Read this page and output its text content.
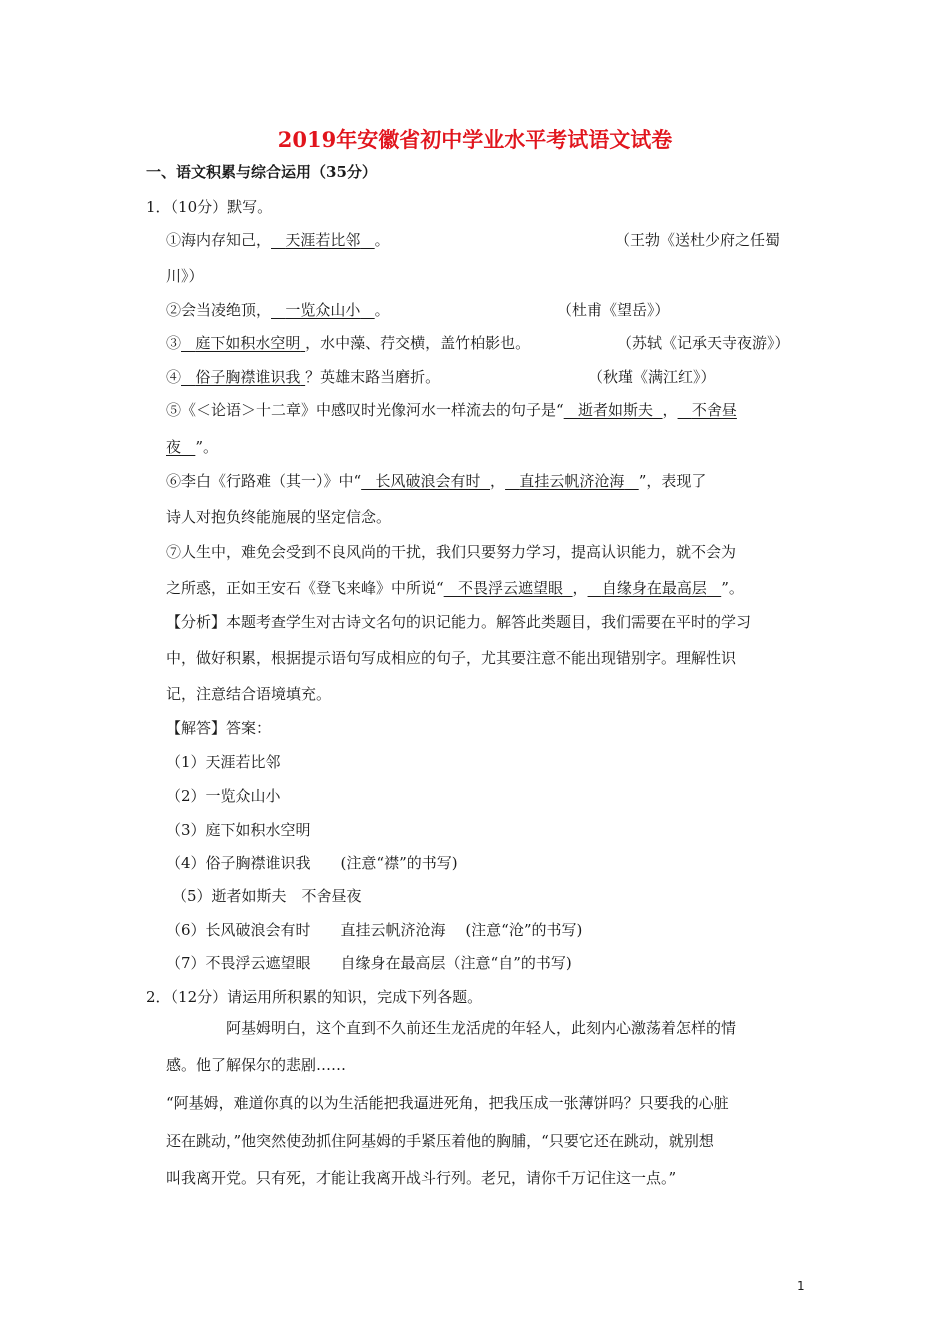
2019年安徽省初中学业水平考试语文试卷
一、语文积累与综合运用（35分）
1．（10分）默写。
①海内存知己， 天涯若比邻 。	（王勃《送杜少府之任蜀
川》）
②会当凌绝顶， 一览众山小 。	（杜甫《望岳》）
③ 庭下如积水空明 ，水中藻、荇交横，盖竹柏影也。	（苏轼《记承天寺夜游》）
④ 俗子胸襟谁识我 ？英雄末路当磨折。	（秋瑾《满江红》）
⑤《＜论语＞十二章》中感叹时光像河水一样流去的句子是“ 逝者如斯夫 ， 不舍昼
夜 ”。
⑥李白《行路难（其一）》中“ 长风破浪会有时 ， 直挂云帆济沧海 ”，表现了
诗人对抱负终能施展的坚定信念。
⑦人生中，难免会受到不良风尚的干扰，我们只要努力学习，提高认识能力，就不会为
之所惑，正如王安石《登飞来峰》中所说“ 不畏浮云遮望眼 ， 自缘身在最高层 ”。
【分析】本题考查学生对古诗文名句的识记能力。解答此类题目，我们需要在平时的学习
中，做好积累，根据提示语句写成相应的句子，尤其要注意不能出现错别字。理解性识
记，注意结合语境填充。
【解答】答案：
（1）天涯若比邻
（2）一览众山小
（3）庭下如积水空明
（4）俗子胸襟谁识我　　(注意“襟”的书写)
（5）逝者如斯夫　不舍昼夜
（6）长风破浪会有时　　直挂云帆济沧海　 (注意“沧”的书写)
（7）不畏浮云遮望眼　　自缘身在最高层（注意“自”的书写)
2．（12分）请运用所积累的知识，完成下列各题。
阿基姆明白，这个直到不久前还生龙活虎的年轻人，此刻内心激荡着怎样的情
感。他了解保尔的悲剧……
“阿基姆，难道你真的以为生活能把我逼进死角，把我压成一张薄饼吗？只要我的心脏
还在跳动，”他突然使劲抓住阿基姆的手紧压着他的胸脯，“只要它还在跳动，就别想
叫我离开党。只有死，才能让我离开战斗行列。老兄，请你千万记住这一点。”
1
